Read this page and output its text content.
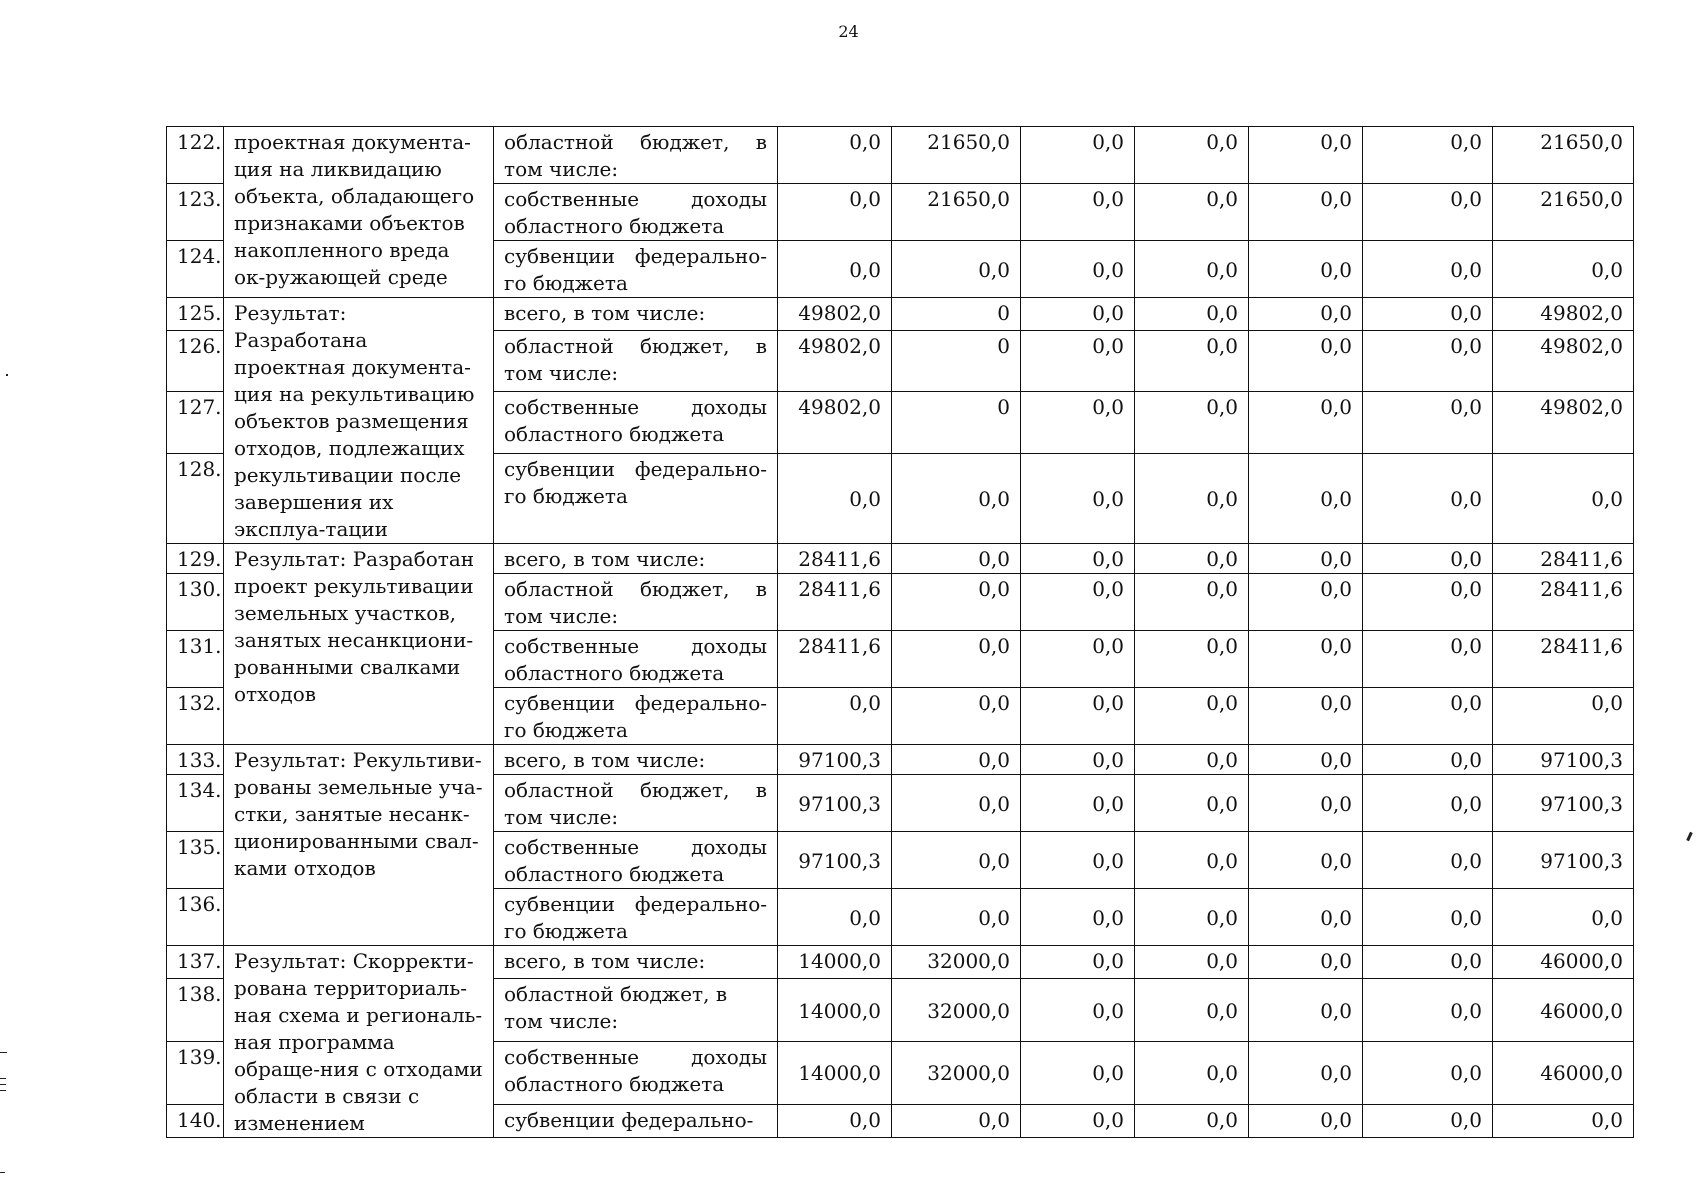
24
122.	проектная документа-ция на ликвидацию объекта, обладающего признаками объектов накопленного вреда ок-ружающей среде	областной бюджет, в том числе:	0,0	21650,0	0,0	0,0	0,0	0,0	21650,0
123.		собственные доходы областного бюджета	0,0	21650,0	0,0	0,0	0,0	0,0	21650,0
124.		субвенции федерально-го бюджета	0,0	0,0	0,0	0,0	0,0	0,0	0,0
125.	Результат: Разработана проектная документа-ция на рекультивацию объектов размещения отходов, подлежащих рекультивации после завершения их эксплуа-тации	всего, в том числе:	49802,0	0	0,0	0,0	0,0	0,0	49802,0
126.		областной бюджет, в том числе:	49802,0	0	0,0	0,0	0,0	0,0	49802,0
127.		собственные доходы областного бюджета	49802,0	0	0,0	0,0	0,0	0,0	49802,0
128.		субвенции федерально-го бюджета	0,0	0,0	0,0	0,0	0,0	0,0	0,0
129.	Результат: Разработан проект рекультивации земельных участков, занятых несанкциони-рованными свалками отходов	всего, в том числе:	28411,6	0,0	0,0	0,0	0,0	0,0	28411,6
130.		областной бюджет, в том числе:	28411,6	0,0	0,0	0,0	0,0	0,0	28411,6
131.		собственные доходы областного бюджета	28411,6	0,0	0,0	0,0	0,0	0,0	28411,6
132.		субвенции федерально-го бюджета	0,0	0,0	0,0	0,0	0,0	0,0	0,0
133.	Результат: Рекультиви-рованы земельные уча-стки, занятые несанк-ционированными свал-ками отходов	всего, в том числе:	97100,3	0,0	0,0	0,0	0,0	0,0	97100,3
134.		областной бюджет, в том числе:	97100,3	0,0	0,0	0,0	0,0	0,0	97100,3
135.		собственные доходы областного бюджета	97100,3	0,0	0,0	0,0	0,0	0,0	97100,3
136.		субвенции федерально-го бюджета	0,0	0,0	0,0	0,0	0,0	0,0	0,0
137.	Результат: Скорректи-рована территориаль-ная схема и региональ-ная программа обраще-ния с отходами области в связи с изменением	всего, в том числе:	14000,0	32000,0	0,0	0,0	0,0	0,0	46000,0
138.		областной бюджет, в том числе:	14000,0	32000,0	0,0	0,0	0,0	0,0	46000,0
139.		собственные доходы областного бюджета	14000,0	32000,0	0,0	0,0	0,0	0,0	46000,0
140.		субвенции федерально-	0,0	0,0	0,0	0,0	0,0	0,0	0,0
